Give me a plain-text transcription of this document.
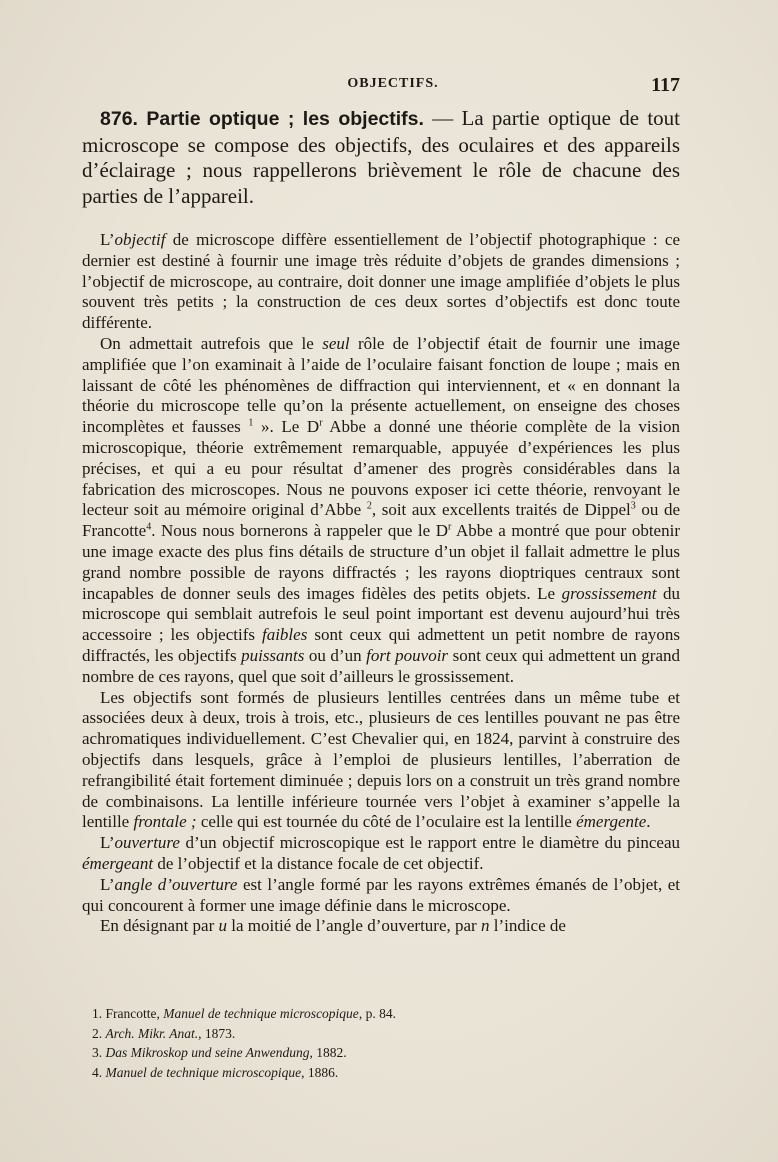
OBJECTIFS.	117

876. Partie optique ; les objectifs. — La partie optique de tout microscope se compose des objectifs, des oculaires et des appareils d’éclairage ; nous rappellerons brièvement le rôle de chacune des parties de l’appareil.

L’objectif de microscope diffère essentiellement de l’objectif photographique : ce dernier est destiné à fournir une image très réduite d’objets de grandes dimensions ; l’objectif de microscope, au contraire, doit donner une image amplifiée d’objets le plus souvent très petits ; la construction de ces deux sortes d’objectifs est donc toute différente.

On admettait autrefois que le seul rôle de l’objectif était de fournir une image amplifiée que l’on examinait à l’aide de l’oculaire faisant fonction de loupe ; mais en laissant de côté les phénomènes de diffraction qui interviennent, et « en donnant la théorie du microscope telle qu’on la présente actuellement, on enseigne des choses incomplètes et fausses $^1$ ». Le $D^r$ Abbe a donné une théorie complète de la vision microscopique, théorie extrêmement remarquable, appuyée d’expériences les plus précises, et qui a eu pour résultat d’amener des progrès considérables dans la fabrication des microscopes. Nous ne pouvons exposer ici cette théorie, renvoyant le lecteur soit au mémoire original d’Abbe $^2$, soit aux excellents traités de Dippel$^3$ ou de Francotte$^4$. Nous nous bornerons à rappeler que le $D^r$ Abbe a montré que pour obtenir une image exacte des plus fins détails de structure d’un objet il fallait admettre le plus grand nombre possible de rayons diffractés ; les rayons dioptriques centraux sont incapables de donner seuls des images fidèles des petits objets. Le grossissement du microscope qui semblait autrefois le seul point important est devenu aujourd’hui très accessoire ; les objectifs faibles sont ceux qui admettent un petit nombre de rayons diffractés, les objectifs puissants ou d’un fort pouvoir sont ceux qui admettent un grand nombre de ces rayons, quel que soit d’ailleurs le grossissement.

Les objectifs sont formés de plusieurs lentilles centrées dans un même tube et associées deux à deux, trois à trois, etc., plusieurs de ces lentilles pouvant ne pas être achromatiques individuellement. C’est Chevalier qui, en 1824, parvint à construire des objectifs dans lesquels, grâce à l’emploi de plusieurs lentilles, l’aberration de refrangibilité était fortement diminuée ; depuis lors on a construit un très grand nombre de combinaisons. La lentille inférieure tournée vers l’objet à examiner s’appelle la lentille frontale ; celle qui est tournée du côté de l’oculaire est la lentille émergente.

L’ouverture d’un objectif microscopique est le rapport entre le diamètre du pinceau émergeant de l’objectif et la distance focale de cet objectif.

L’angle d’ouverture est l’angle formé par les rayons extrêmes émanés de l’objet, et qui concourent à former une image définie dans le microscope.

En désignant par u la moitié de l’angle d’ouverture, par n l’indice de

1. Francotte, Manuel de technique microscopique, p. 84.
2. Arch. Mikr. Anat., 1873.
3. Das Mikroskop und seine Anwendung, 1882.
4. Manuel de technique microscopique, 1886.
